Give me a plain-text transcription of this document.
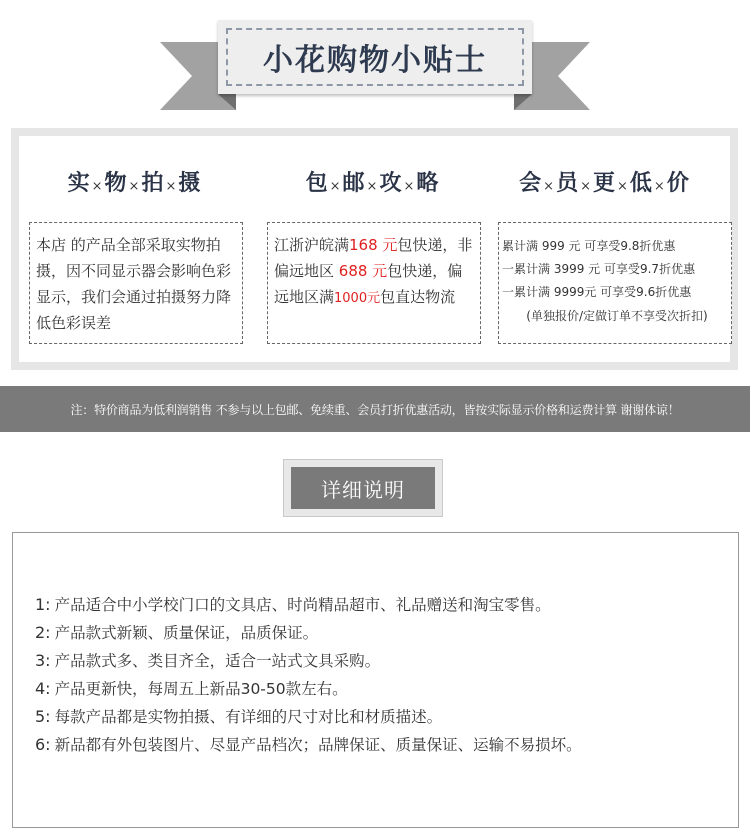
小花购物小贴士
实 ×物 ×拍 ×摄
本店 的产品全部采取实物拍摄，因不同显示器会影响色彩显示，我们会通过拍摄努力降低色彩误差
包 ×邮 ×攻 ×略
江浙沪皖满168 元包快递，非偏远地区 688 元包快递，偏远地区满1000元包直达物流
会 ×员 ×更 ×低 ×价
累计满 999 元 可享受9.8折优惠
一累计满 3999 元 可享受9.7折优惠
一累计满 9999元 可享受9.6折优惠
(单独报价/定做订单不享受次折扣)
注：特价商品为低利润销售 不参与以上包邮、免续重、会员打折优惠活动，皆按实际显示价格和运费计算 谢谢体谅！
详细说明
1: 产品适合中小学校门口的文具店、时尚精品超市、礼品赠送和淘宝零售。
2: 产品款式新颖、质量保证，品质保证。
3: 产品款式多、类目齐全，适合一站式文具采购。
4: 产品更新快，每周五上新品30-50款左右。
5: 每款产品都是实物拍摄、有详细的尺寸对比和材质描述。
6: 新品都有外包装图片、尽显产品档次；品牌保证、质量保证、运输不易损坏。
